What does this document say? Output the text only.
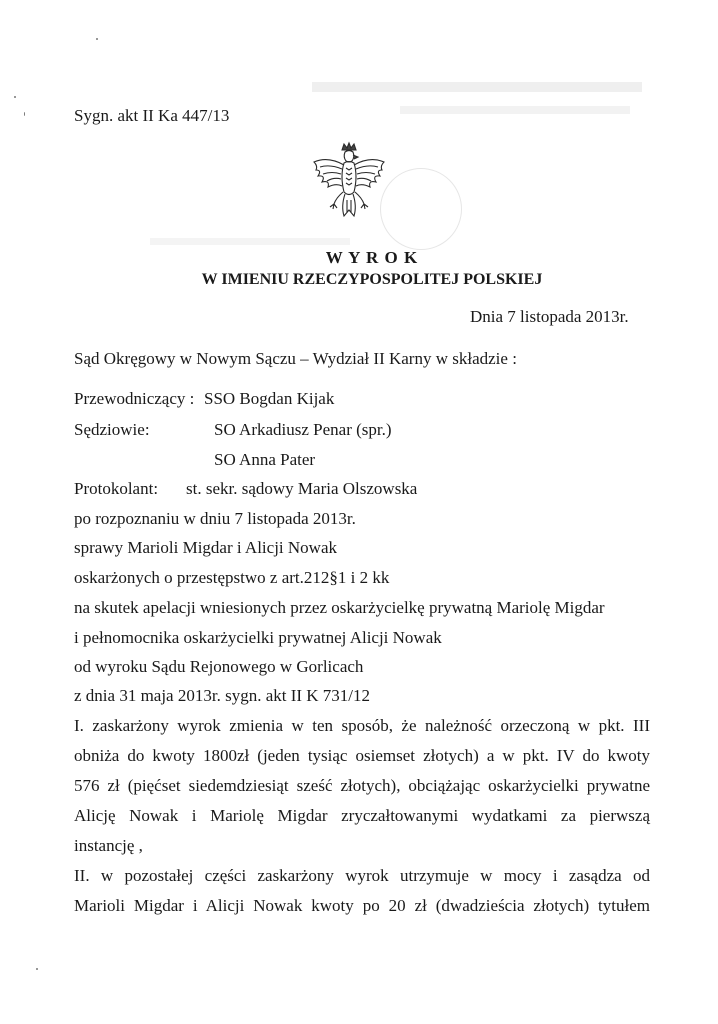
Sygn. akt II Ka 447/13
W Y R O K
W IMIENIU RZECZYPOSPOLITEJ POLSKIEJ
Dnia 7 listopada 2013r.
Sąd Okręgowy w Nowym Sączu – Wydział II Karny w składzie :
Przewodniczący : SSO Bogdan Kijak
Sędziowie:	SO Arkadiusz Penar (spr.)
SO Anna Pater
Protokolant: st. sekr. sądowy Maria Olszowska
po rozpoznaniu w dniu 7 listopada 2013r.
sprawy Marioli Migdar i Alicji Nowak
oskarżonych o przestępstwo z art.212§1 i 2 kk
na skutek apelacji wniesionych przez oskarżycielkę prywatną Mariolę Migdar
i pełnomocnika oskarżycielki prywatnej Alicji Nowak
od wyroku Sądu Rejonowego w Gorlicach
z dnia 31 maja 2013r. sygn. akt II K 731/12
I. zaskarżony wyrok zmienia w ten sposób, że należność orzeczoną w pkt. III
obniża do kwoty 1800zł (jeden tysiąc osiemset złotych) a w pkt. IV do kwoty
576 zł (pięćset siedemdziesiąt sześć złotych), obciążając oskarżycielki prywatne
Alicję Nowak i Mariolę Migdar zryczałtowanymi wydatkami za pierwszą
instancję ,
II. w pozostałej części zaskarżony wyrok utrzymuje w mocy i zasądza od
Marioli Migdar i Alicji Nowak kwoty po 20 zł (dwadzieścia złotych) tytułem
